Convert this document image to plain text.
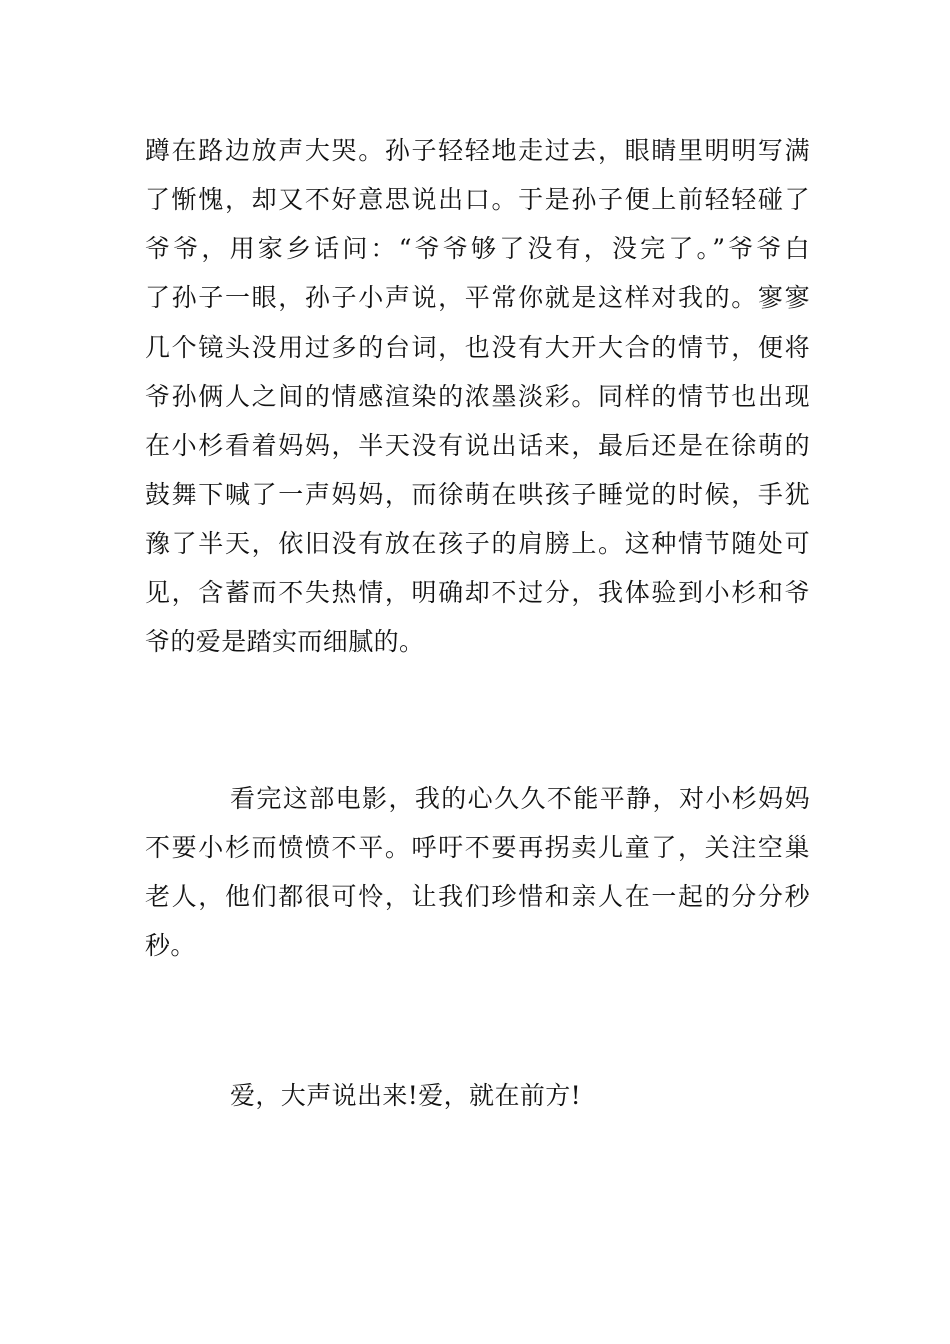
蹲在路边放声大哭。孙子轻轻地走过去，眼睛里明明写满
了惭愧，却又不好意思说出口。于是孙子便上前轻轻碰了
爷爷，用家乡话问：“爷爷够了没有，没完了。”爷爷白
了孙子一眼，孙子小声说，平常你就是这样对我的。寥寥
几个镜头没用过多的台词，也没有大开大合的情节，便将
爷孙俩人之间的情感渲染的浓墨淡彩。同样的情节也出现
在小杉看着妈妈，半天没有说出话来，最后还是在徐萌的
鼓舞下喊了一声妈妈，而徐萌在哄孩子睡觉的时候，手犹
豫了半天，依旧没有放在孩子的肩膀上。这种情节随处可
见，含蓄而不失热情，明确却不过分，我体验到小杉和爷
爷的爱是踏实而细腻的。
看完这部电影，我的心久久不能平静，对小杉妈妈
不要小杉而愤愤不平。呼吁不要再拐卖儿童了，关注空巢
老人，他们都很可怜，让我们珍惜和亲人在一起的分分秒
秒。
爱，大声说出来!爱，就在前方!
